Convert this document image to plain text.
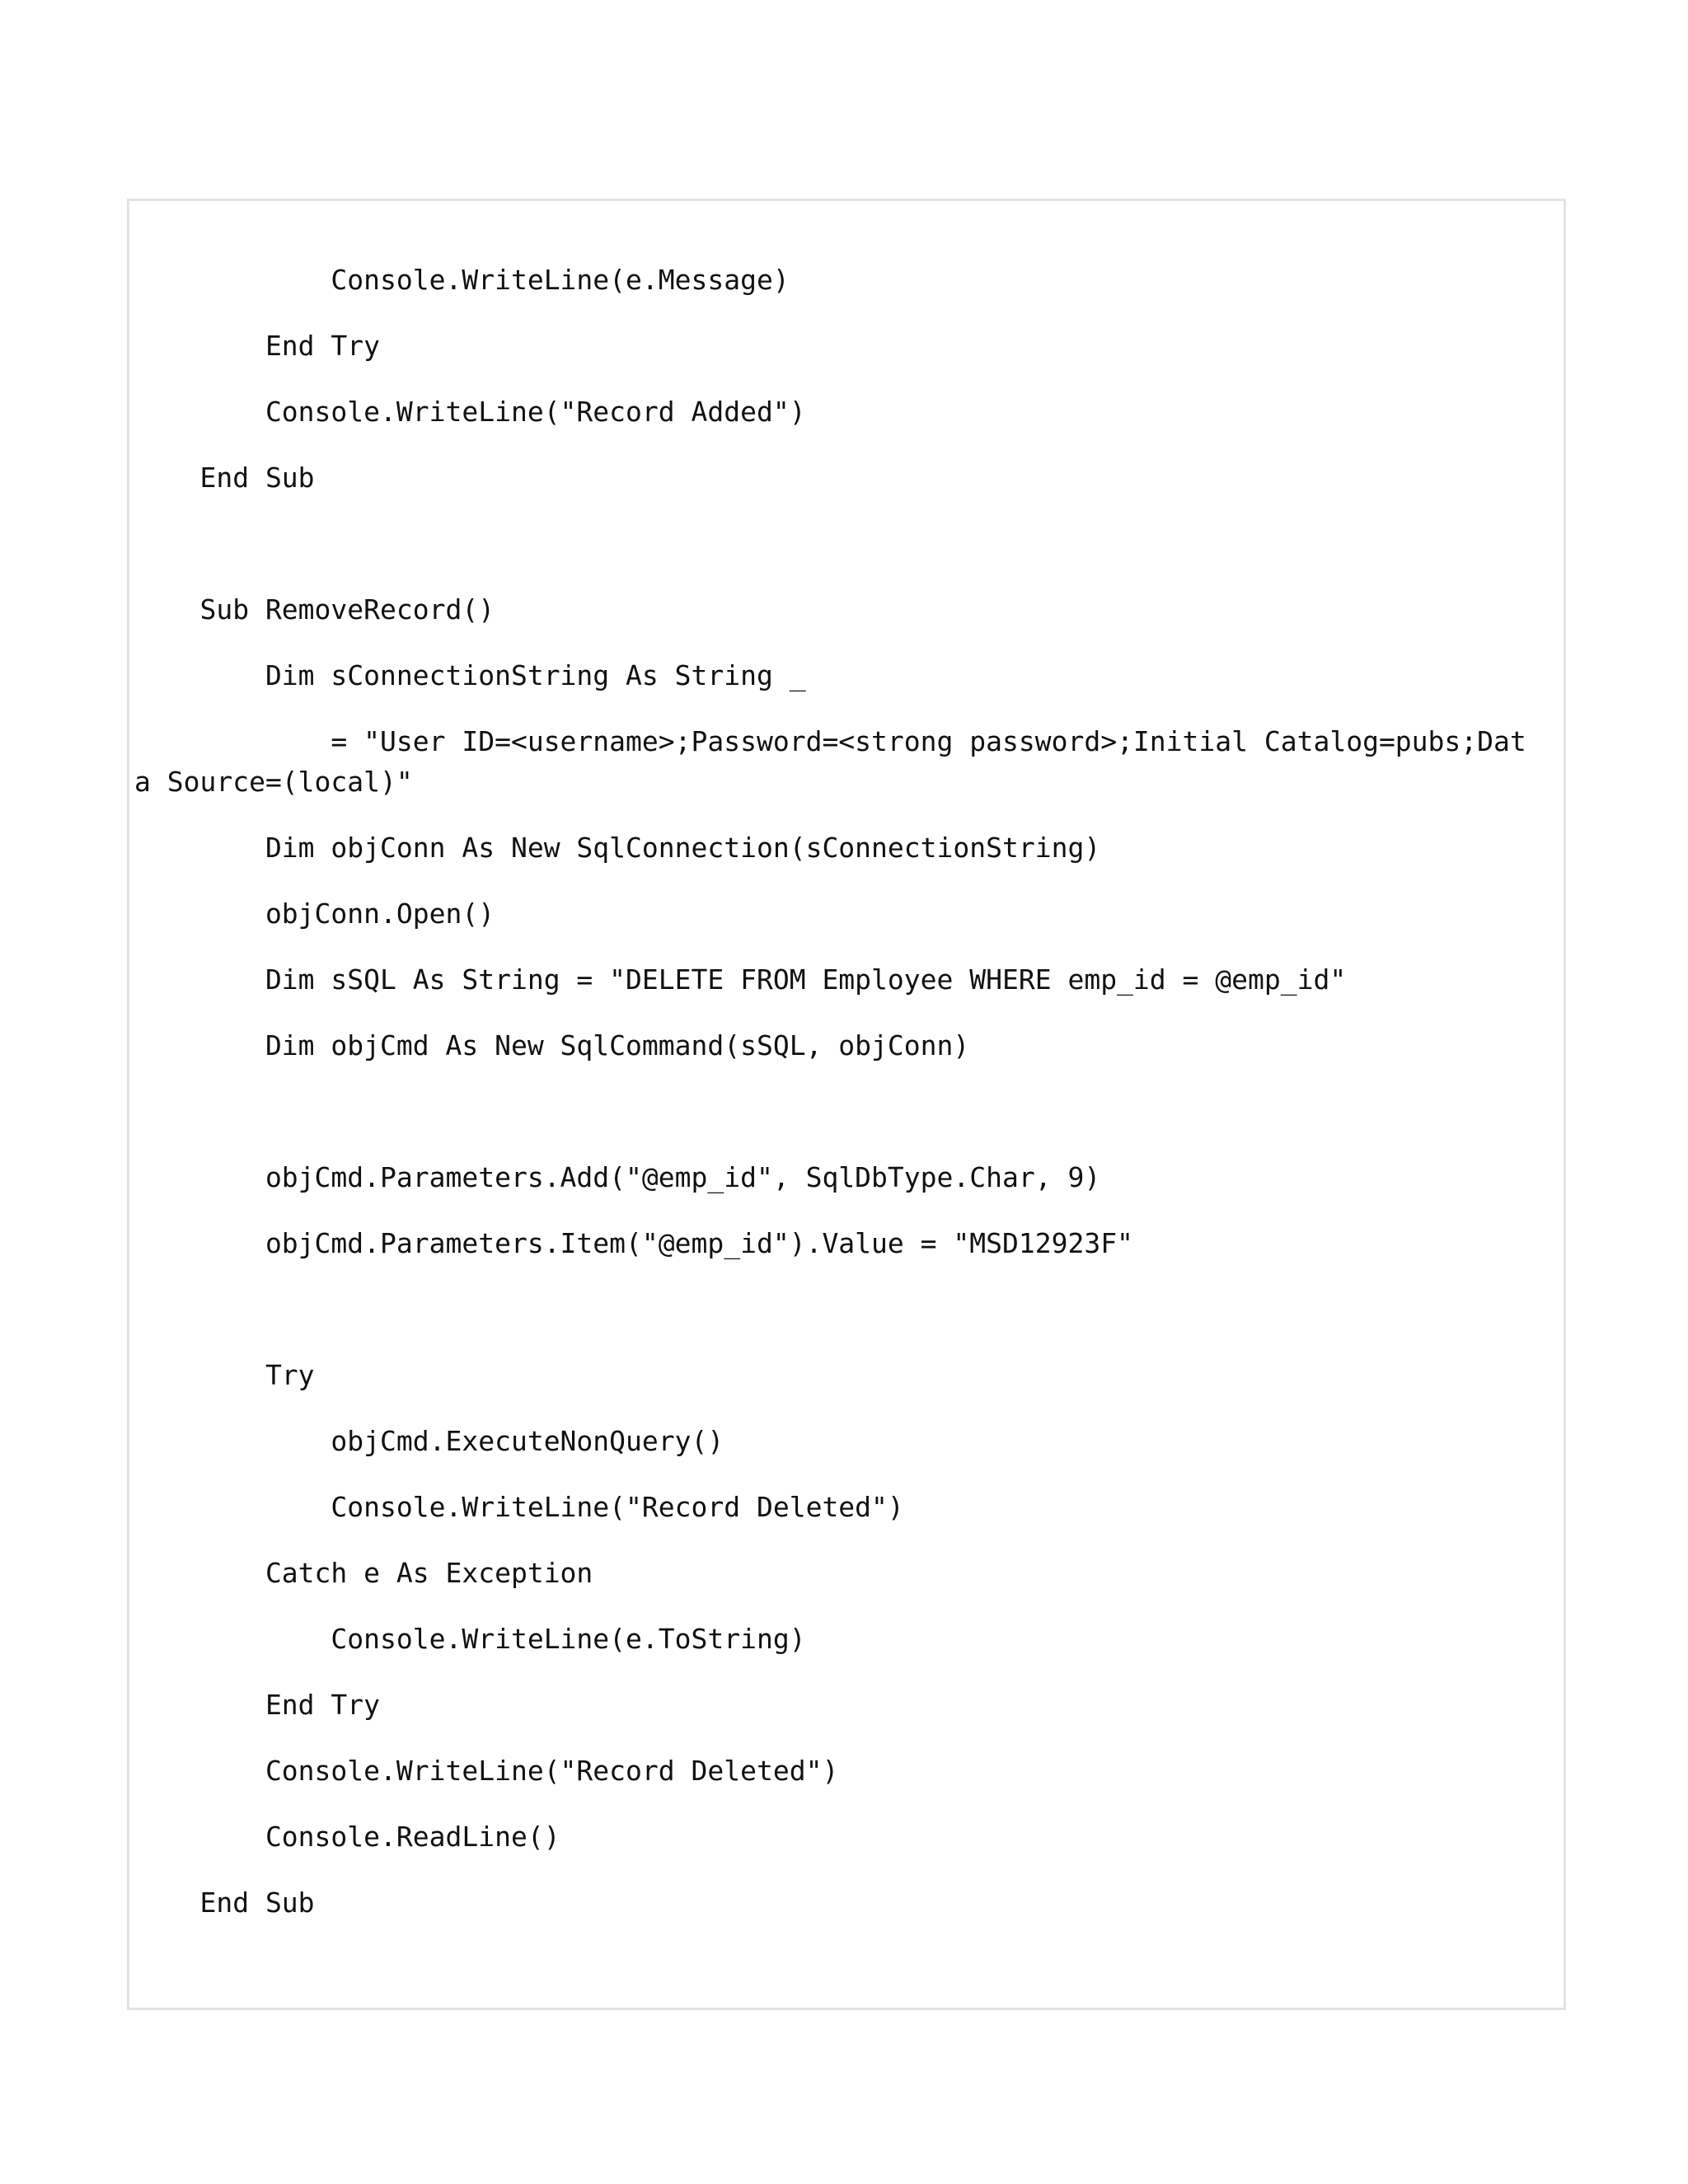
Console.WriteLine(e.Message)
End Try
Console.WriteLine("Record Added")
End Sub
Sub RemoveRecord()
Dim sConnectionString As String _
= "User ID=<username>;Password=<strong password>;Initial Catalog=pubs;Dat
a Source=(local)"
Dim objConn As New SqlConnection(sConnectionString)
objConn.Open()
Dim sSQL As String = "DELETE FROM Employee WHERE emp_id = @emp_id"
Dim objCmd As New SqlCommand(sSQL, objConn)
objCmd.Parameters.Add("@emp_id", SqlDbType.Char, 9)
objCmd.Parameters.Item("@emp_id").Value = "MSD12923F"
Try
objCmd.ExecuteNonQuery()
Console.WriteLine("Record Deleted")
Catch e As Exception
Console.WriteLine(e.ToString)
End Try
Console.WriteLine("Record Deleted")
Console.ReadLine()
End Sub
